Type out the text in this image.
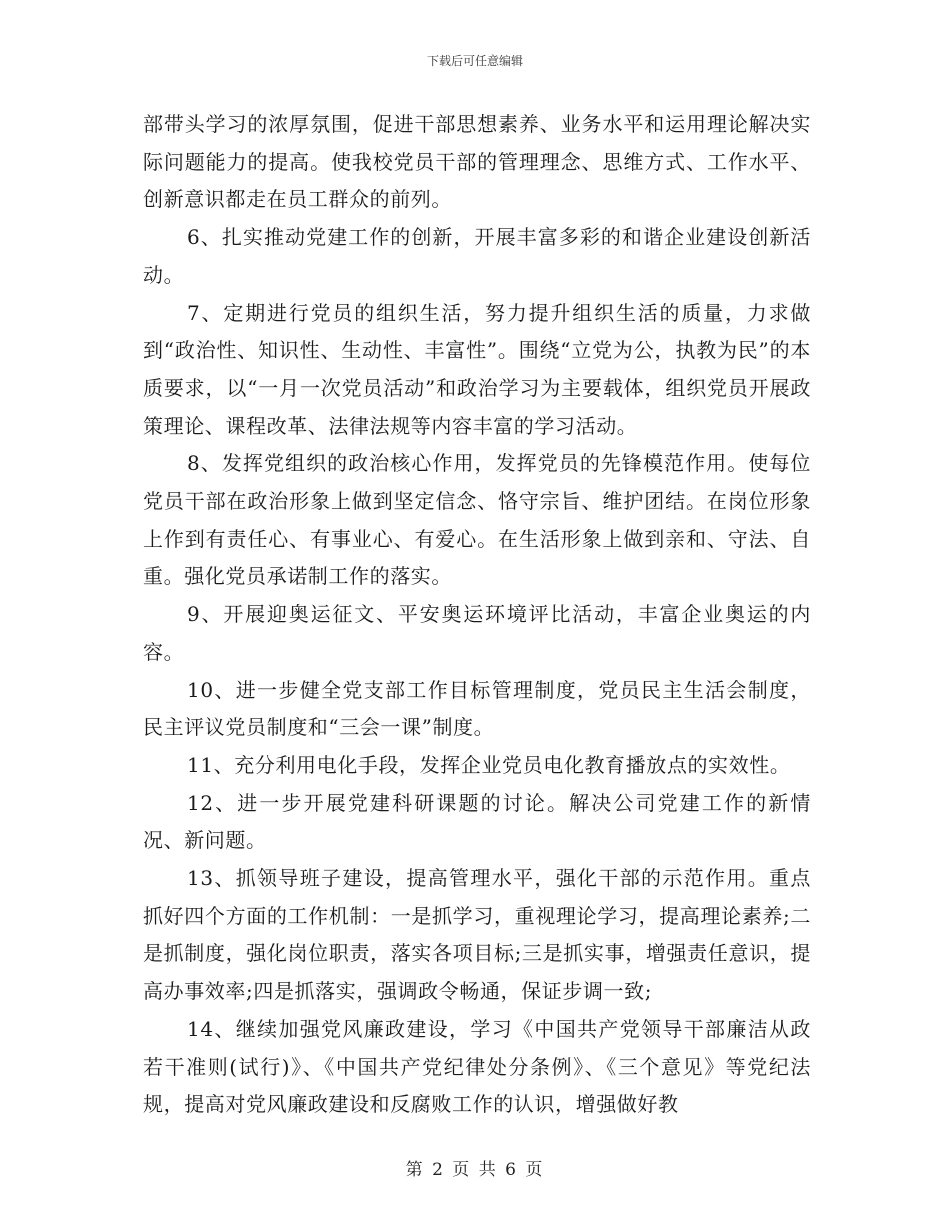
下载后可任意编辑

部带头学习的浓厚氛围，促进干部思想素养、业务水平和运用理论解决实际问题能力的提高。使我校党员干部的管理理念、思维方式、工作水平、创新意识都走在员工群众的前列。

6、扎实推动党建工作的创新，开展丰富多彩的和谐企业建设创新活动。

7、定期进行党员的组织生活，努力提升组织生活的质量，力求做到“政治性、知识性、生动性、丰富性”。围绕“立党为公，执教为民”的本质要求，以“一月一次党员活动”和政治学习为主要载体，组织党员开展政策理论、课程改革、法律法规等内容丰富的学习活动。

8、发挥党组织的政治核心作用，发挥党员的先锋模范作用。使每位党员干部在政治形象上做到坚定信念、恪守宗旨、维护团结。在岗位形象上作到有责任心、有事业心、有爱心。在生活形象上做到亲和、守法、自重。强化党员承诺制工作的落实。

9、开展迎奥运征文、平安奥运环境评比活动，丰富企业奥运的内容。

10、进一步健全党支部工作目标管理制度，党员民主生活会制度，民主评议党员制度和“三会一课”制度。

11、充分利用电化手段，发挥企业党员电化教育播放点的实效性。

12、进一步开展党建科研课题的讨论。解决公司党建工作的新情况、新问题。

13、抓领导班子建设，提高管理水平，强化干部的示范作用。重点抓好四个方面的工作机制：一是抓学习，重视理论学习，提高理论素养;二是抓制度，强化岗位职责，落实各项目标;三是抓实事，增强责任意识，提高办事效率;四是抓落实，强调政令畅通，保证步调一致;

14、继续加强党风廉政建设，学习《中国共产党领导干部廉洁从政若干准则(试行)》、《中国共产党纪律处分条例》、《三个意见》等党纪法规，提高对党风廉政建设和反腐败工作的认识，增强做好教

第 2 页 共 6 页
